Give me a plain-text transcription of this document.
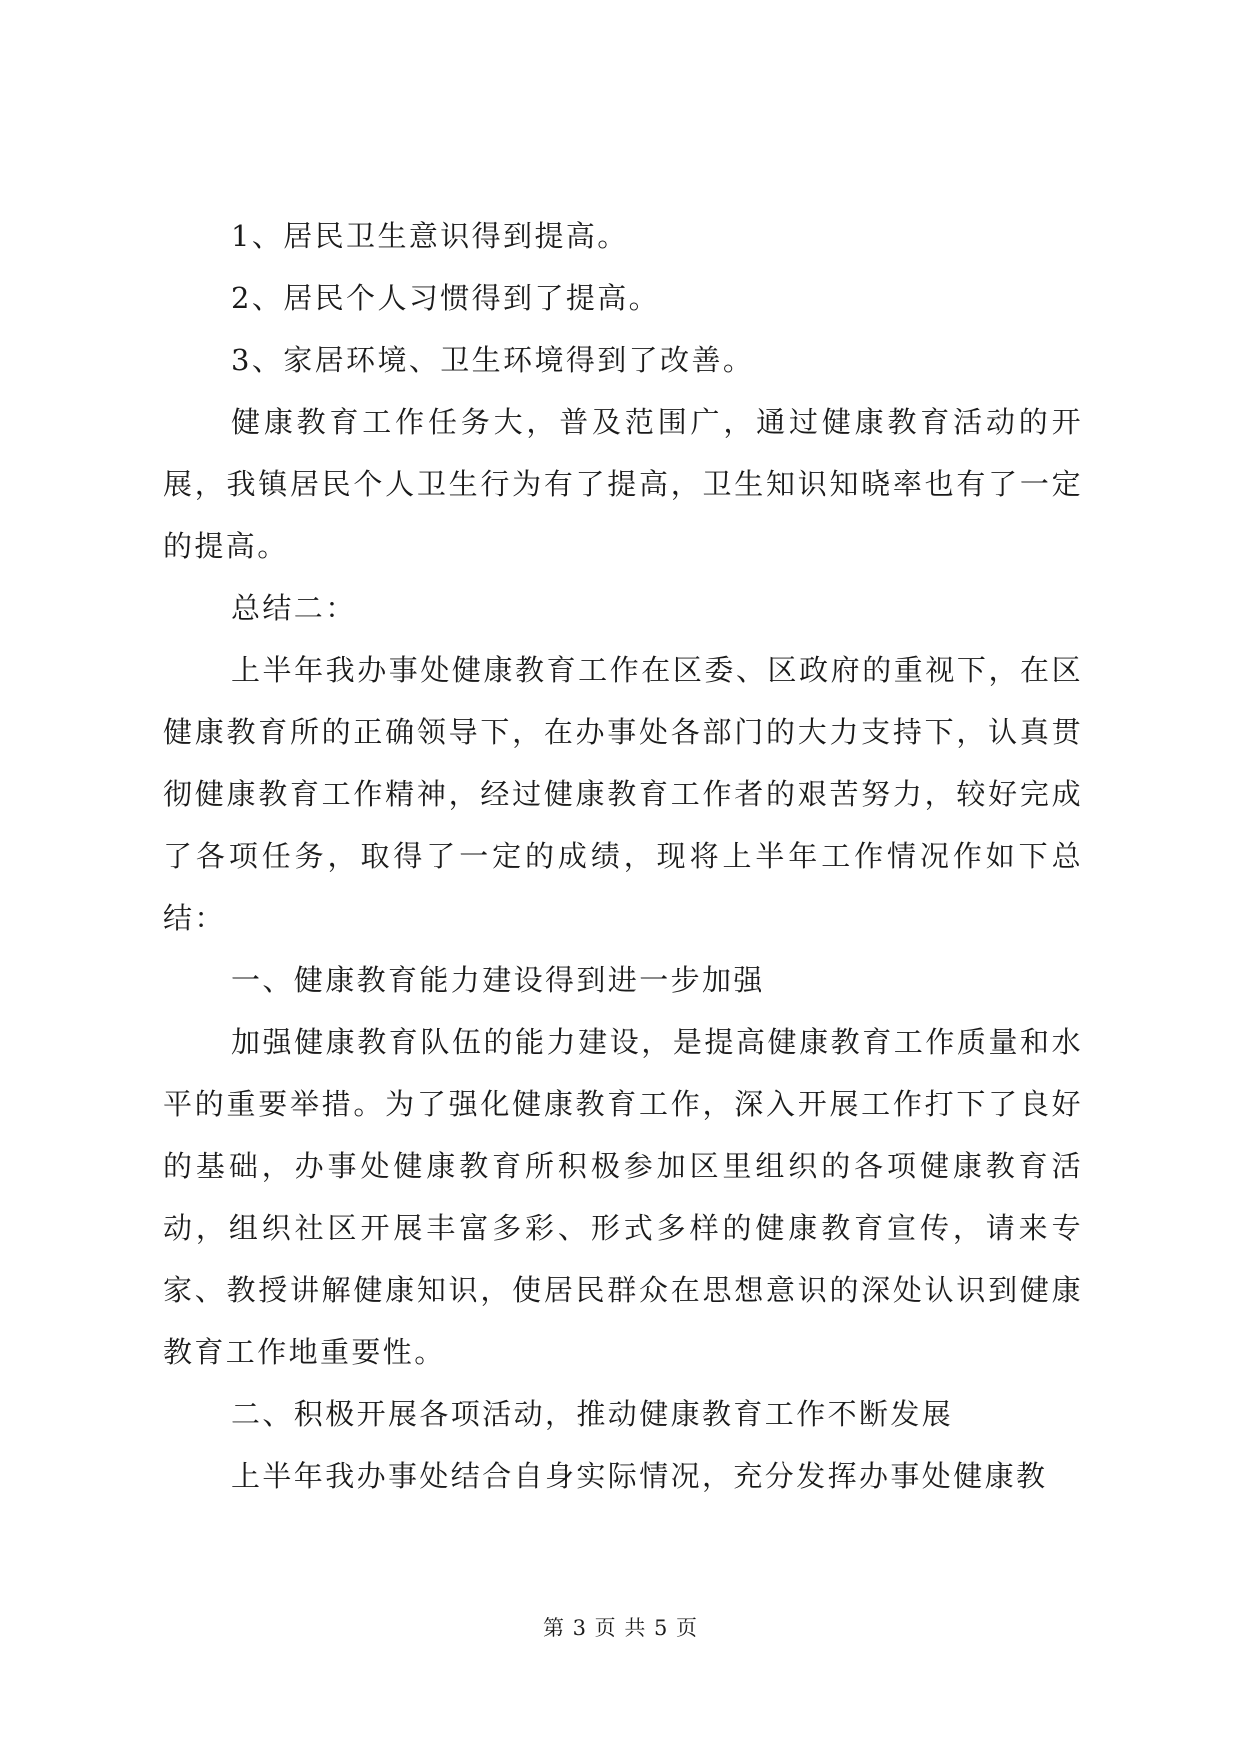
1、居民卫生意识得到提高。

2、居民个人习惯得到了提高。

3、家居环境、卫生环境得到了改善。

健康教育工作任务大，普及范围广，通过健康教育活动的开展，我镇居民个人卫生行为有了提高，卫生知识知晓率也有了一定的提高。

总结二：

上半年我办事处健康教育工作在区委、区政府的重视下，在区健康教育所的正确领导下，在办事处各部门的大力支持下，认真贯彻健康教育工作精神，经过健康教育工作者的艰苦努力，较好完成了各项任务，取得了一定的成绩，现将上半年工作情况作如下总结：

一、健康教育能力建设得到进一步加强

加强健康教育队伍的能力建设，是提高健康教育工作质量和水平的重要举措。为了强化健康教育工作，深入开展工作打下了良好的基础，办事处健康教育所积极参加区里组织的各项健康教育活动，组织社区开展丰富多彩、形式多样的健康教育宣传，请来专家、教授讲解健康知识，使居民群众在思想意识的深处认识到健康教育工作地重要性。

二、积极开展各项活动，推动健康教育工作不断发展

上半年我办事处结合自身实际情况，充分发挥办事处健康教

第 3 页 共 5 页
